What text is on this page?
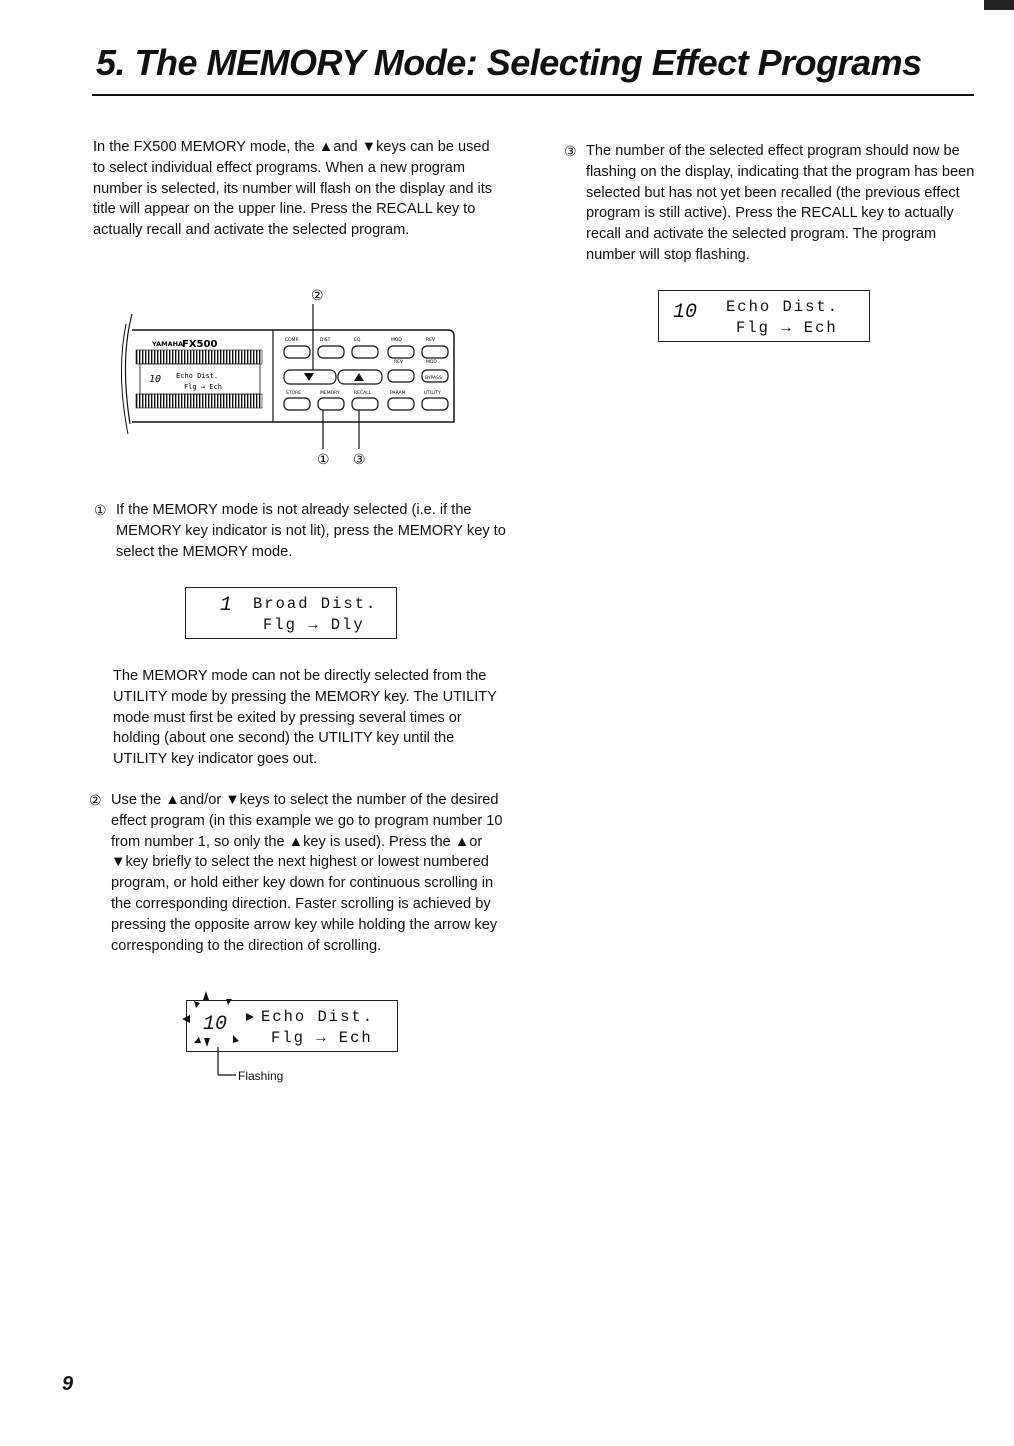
5. The MEMORY Mode: Selecting Effect Programs
In the FX500 MEMORY mode, the ▲and ▼keys can be used to select individual effect programs. When a new program number is selected, its number will flash on the display and its title will appear on the upper line. Press the RECALL key to actually recall and activate the selected program.
②
YAMAHA
FX500
10 Echo Dist.
Flg → Ech
COMP	DIST	EQ	MOD	REV
REV	MOD
BYPASS
STORE	MEMORY	RECALL	PARAM	UTILITY
① ③
① If the MEMORY mode is not already selected (i.e. if the MEMORY key indicator is not lit), press the MEMORY key to select the MEMORY mode.
1 Broad Dist.
Flg → Dly
The MEMORY mode can not be directly selected from the UTILITY mode by pressing the MEMORY key. The UTILITY mode must first be exited by pressing several times or holding (about one second) the UTILITY key until the UTILITY key indicator goes out.
② Use the ▲and/or ▼keys to select the number of the desired effect program (in this example we go to program number 10 from number 1, so only the ▲key is used). Press the ▲or ▼key briefly to select the next highest or lowest numbered program, or hold either key down for continuous scrolling in the corresponding direction. Faster scrolling is achieved by pressing the opposite arrow key while holding the arrow key corresponding to the direction of scrolling.
10 Echo Dist.
Flg → Ech
Flashing
③ The number of the selected effect program should now be flashing on the display, indicating that the program has been selected but has not yet been recalled (the previous effect program is still active). Press the RECALL key to actually recall and activate the selected program. The program number will stop flashing.
10 Echo Dist.
Flg → Ech
9
